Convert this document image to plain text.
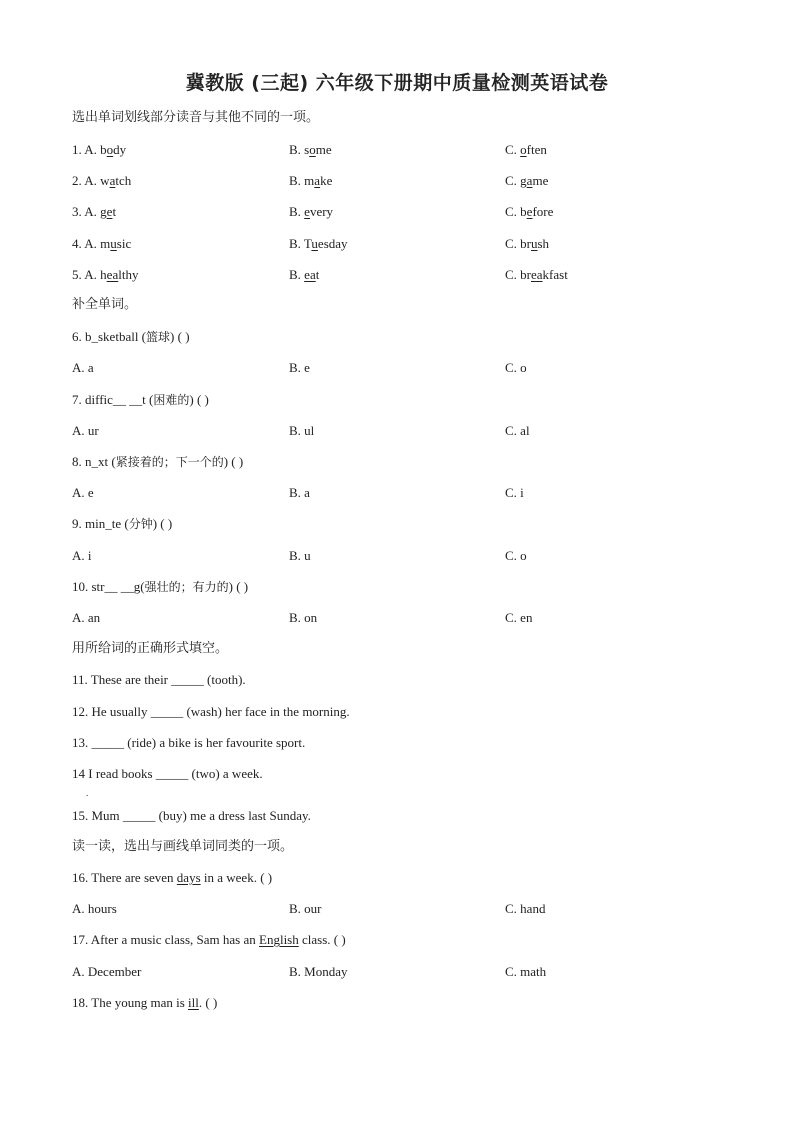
冀教版 (三起) 六年级下册期中质量检测英语试卷
选出单词划线部分读音与其他不同的一项。
1. A. body	B. some	C. often
2. A. watch	B. make	C. game
3. A. get	B. every	C. before
4. A. music	B. Tuesday	C. brush
5. A. healthy	B. eat	C. breakfast
补全单词。
6. b_sketball (篮球) ( )
A. a	B. e	C. o
7. diffic__ __t (困难的) ( )
A. ur	B. ul	C. al
8. n_xt (紧接着的；下一个的) ( )
A. e	B. a	C. i
9. min_te (分钟) ( )
A. i	B. u	C. o
10. str__ __g(强壮的；有力的) ( )
A. an	B. on	C. en
用所给词的正确形式填空。
11. These are their _____ (tooth).
12. He usually _____ (wash) her face in the morning.
13. _____ (ride) a bike is her favourite sport.
14 I read books _____ (two) a week.
.
15. Mum _____ (buy) me a dress last Sunday.
读一读，选出与画线单词同类的一项。
16. There are seven days in a week. ( )
A. hours	B. our	C. hand
17. After a music class, Sam has an English class. ( )
A. December	B. Monday	C. math
18. The young man is ill. ( )
